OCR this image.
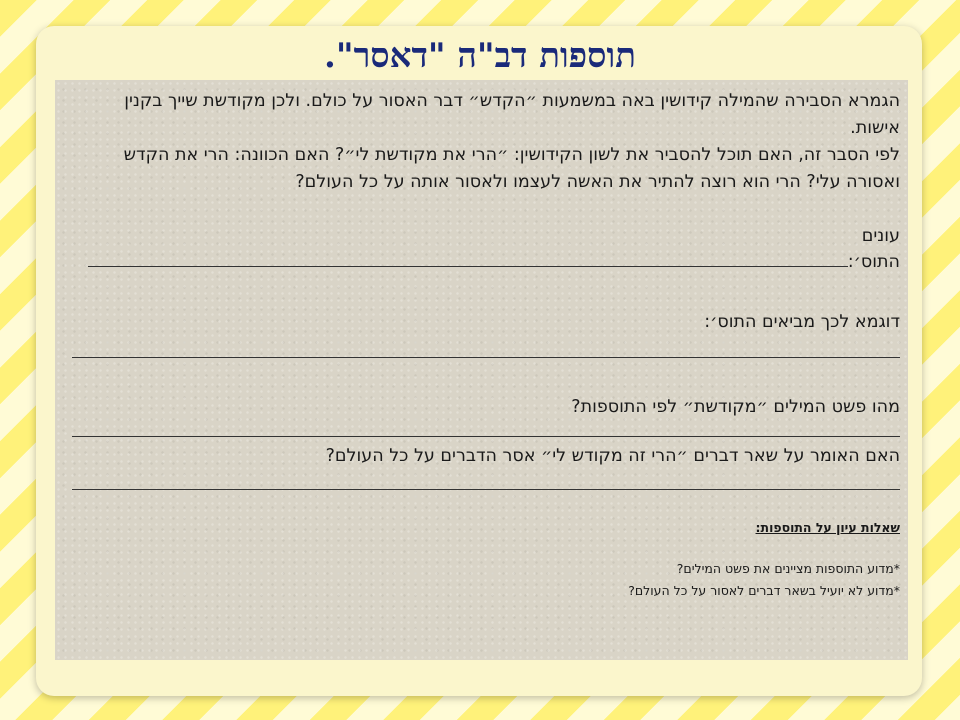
תוספות דב"ה "דאסר".

הגמרא הסבירה שהמילה קידושין באה במשמעות ״הקדש״ דבר האסור על כולם. ולכן מקודשת שייך בקנין אישות.

לפי הסבר זה, האם תוכל להסביר את לשון הקידושין: ״הרי את מקודשת לי״? האם הכוונה: הרי את הקדש ואסורה עלי? הרי הוא רוצה להתיר את האשה לעצמו ולאסור אותה על כל העולם?

עונים
התוס׳:
דוגמא לכך מביאים התוס׳:
מהו פשט המילים ״מקודשת״ לפי התוספות?
האם האומר על שאר דברים ״הרי זה מקודש לי״ אסר הדברים על כל העולם?
שאלות עיון על התוספות:
*מדוע התוספות מציינים את פשט המילים?
*מדוע לא יועיל בשאר דברים לאסור על כל העולם?
